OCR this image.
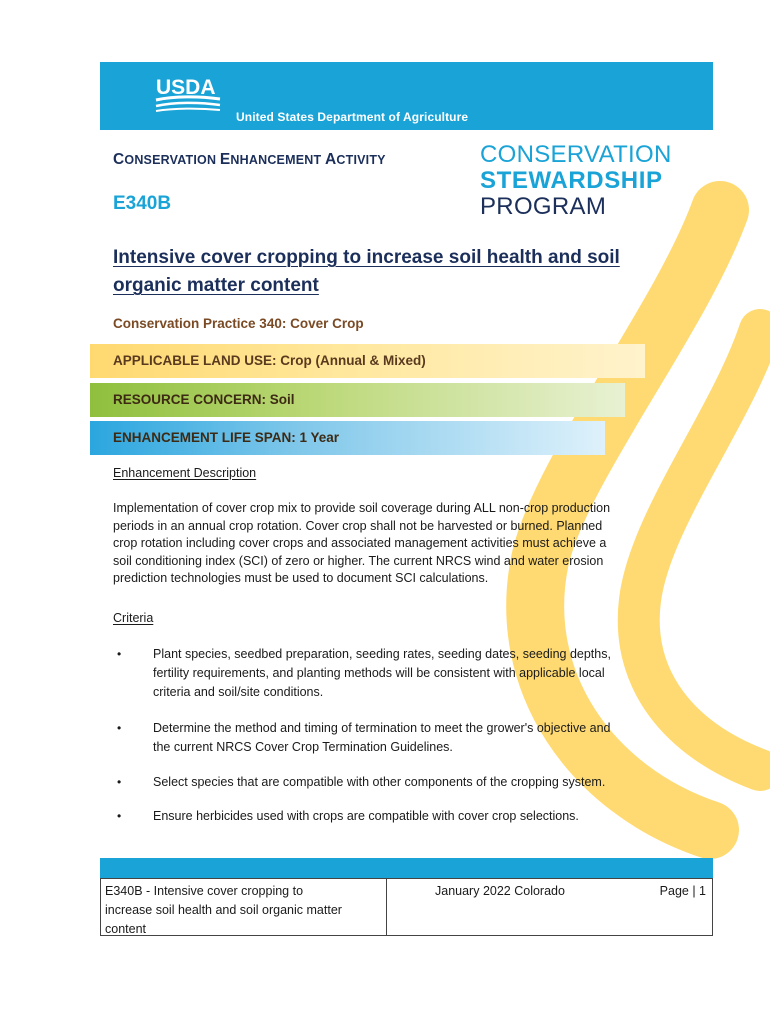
USDA
United States Department of Agriculture
CONSERVATION ENHANCEMENT ACTIVITY
E340B
CONSERVATION
STEWARDSHIP
PROGRAM
Intensive cover cropping to increase soil health and soil organic matter content
Conservation Practice 340: Cover Crop
APPLICABLE LAND USE: Crop (Annual & Mixed)
RESOURCE CONCERN: Soil
ENHANCEMENT LIFE SPAN: 1 Year
Enhancement Description

Implementation of cover crop mix to provide soil coverage during ALL non-crop production
periods in an annual crop rotation. Cover crop shall not be harvested or burned. Planned
crop rotation including cover crops and associated management activities must achieve a
soil conditioning index (SCI) of zero or higher. The current NRCS wind and water erosion
prediction technologies must be used to document SCI calculations.

Criteria
•	Plant species, seedbed preparation, seeding rates, seeding dates, seeding depths,
fertility requirements, and planting methods will be consistent with applicable local
criteria and soil/site conditions.
•	Determine the method and timing of termination to meet the grower's objective and
the current NRCS Cover Crop Termination Guidelines.
•	Select species that are compatible with other components of the cropping system.
•	Ensure herbicides used with crops are compatible with cover crop selections.
E340B - Intensive cover cropping to
increase soil health and soil organic matter
content
January 2022 Colorado	Page | 1
